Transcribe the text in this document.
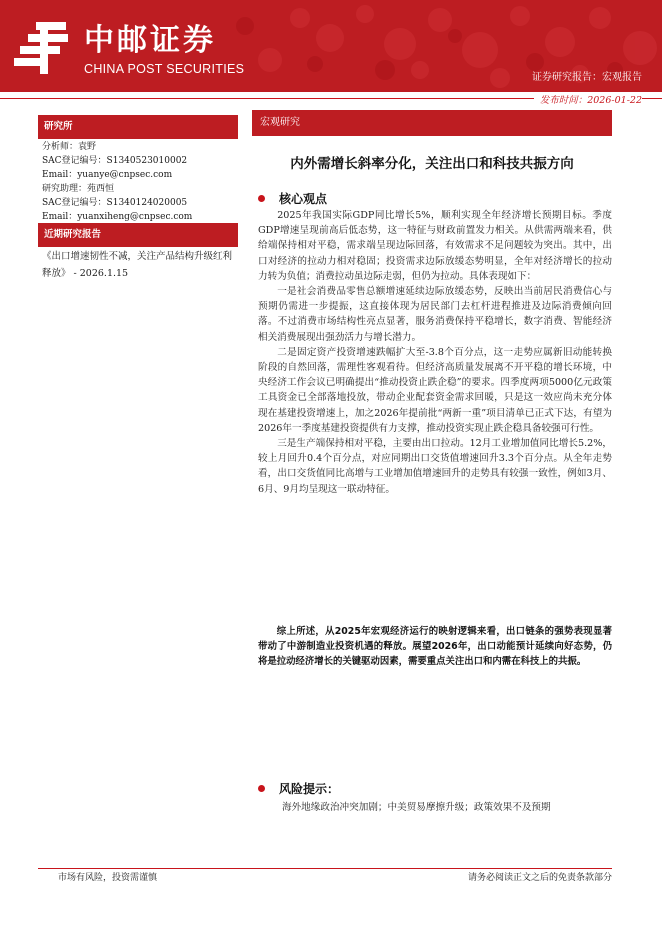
中邮证券
CHINA POST SECURITIES
证券研究报告：宏观报告
发布时间：2026-01-22
研究所
分析师：袁野
SAC登记编号：S1340523010002
Email：yuanye@cnpsec.com
研究助理：苑西恒
SAC登记编号：S1340124020005
Email：yuanxiheng@cnpsec.com
近期研究报告
《出口增速韧性不减，关注产品结构升级红利释放》 - 2026.1.15
宏观研究
内外需增长斜率分化，关注出口和科技共振方向
核心观点

2025年我国实际GDP同比增长5%，顺利实现全年经济增长预期目标。季度GDP增速呈现前高后低态势，这一特征与财政前置发力相关。从供需两端来看，供给端保持相对平稳，需求端呈现边际回落，有效需求不足问题较为突出。其中，出口对经济的拉动力相对稳固；投资需求边际放缓态势明显，全年对经济增长的拉动力转为负值；消费拉动虽边际走弱，但仍为拉动。具体表现如下：

一是社会消费品零售总额增速延续边际放缓态势，反映出当前居民消费信心与预期仍需进一步提振，这直接体现为居民部门去杠杆进程推进及边际消费倾向回落。不过消费市场结构性亮点显著，服务消费保持平稳增长，数字消费、智能经济相关消费展现出强劲活力与增长潜力。

二是固定资产投资增速跌幅扩大至-3.8个百分点，这一走势应属新旧动能转换阶段的自然回落，需理性客观看待。但经济高质量发展离不开平稳的增长环境，中央经济工作会议已明确提出“推动投资止跌企稳”的要求。四季度两项5000亿元政策工具资金已全部落地投放，带动企业配套资金需求回暖，只是这一效应尚未充分体现在基建投资增速上，加之2026年提前批“两新一重”项目清单已正式下达，有望为2026年一季度基建投资提供有力支撑，推动投资实现止跌企稳具备较强可行性。

三是生产端保持相对平稳，主要由出口拉动。12月工业增加值同比增长5.2%，较上月回升0.4个百分点，对应同期出口交货值增速回升3.3个百分点。从全年走势看，出口交货值同比高增与工业增加值增速回升的走势具有较强一致性，例如3月、6月、9月均呈现这一联动特征。

综上所述，从2025年宏观经济运行的映射逻辑来看，出口链条的强势表现显著带动了中游制造业投资机遇的释放。展望2026年，出口动能预计延续向好态势，仍将是拉动经济增长的关键驱动因素，需要重点关注出口和内需在科技上的共振。

风险提示：
海外地缘政治冲突加剧；中美贸易摩擦升级；政策效果不及预期
市场有风险，投资需谨慎	请务必阅读正文之后的免责条款部分
